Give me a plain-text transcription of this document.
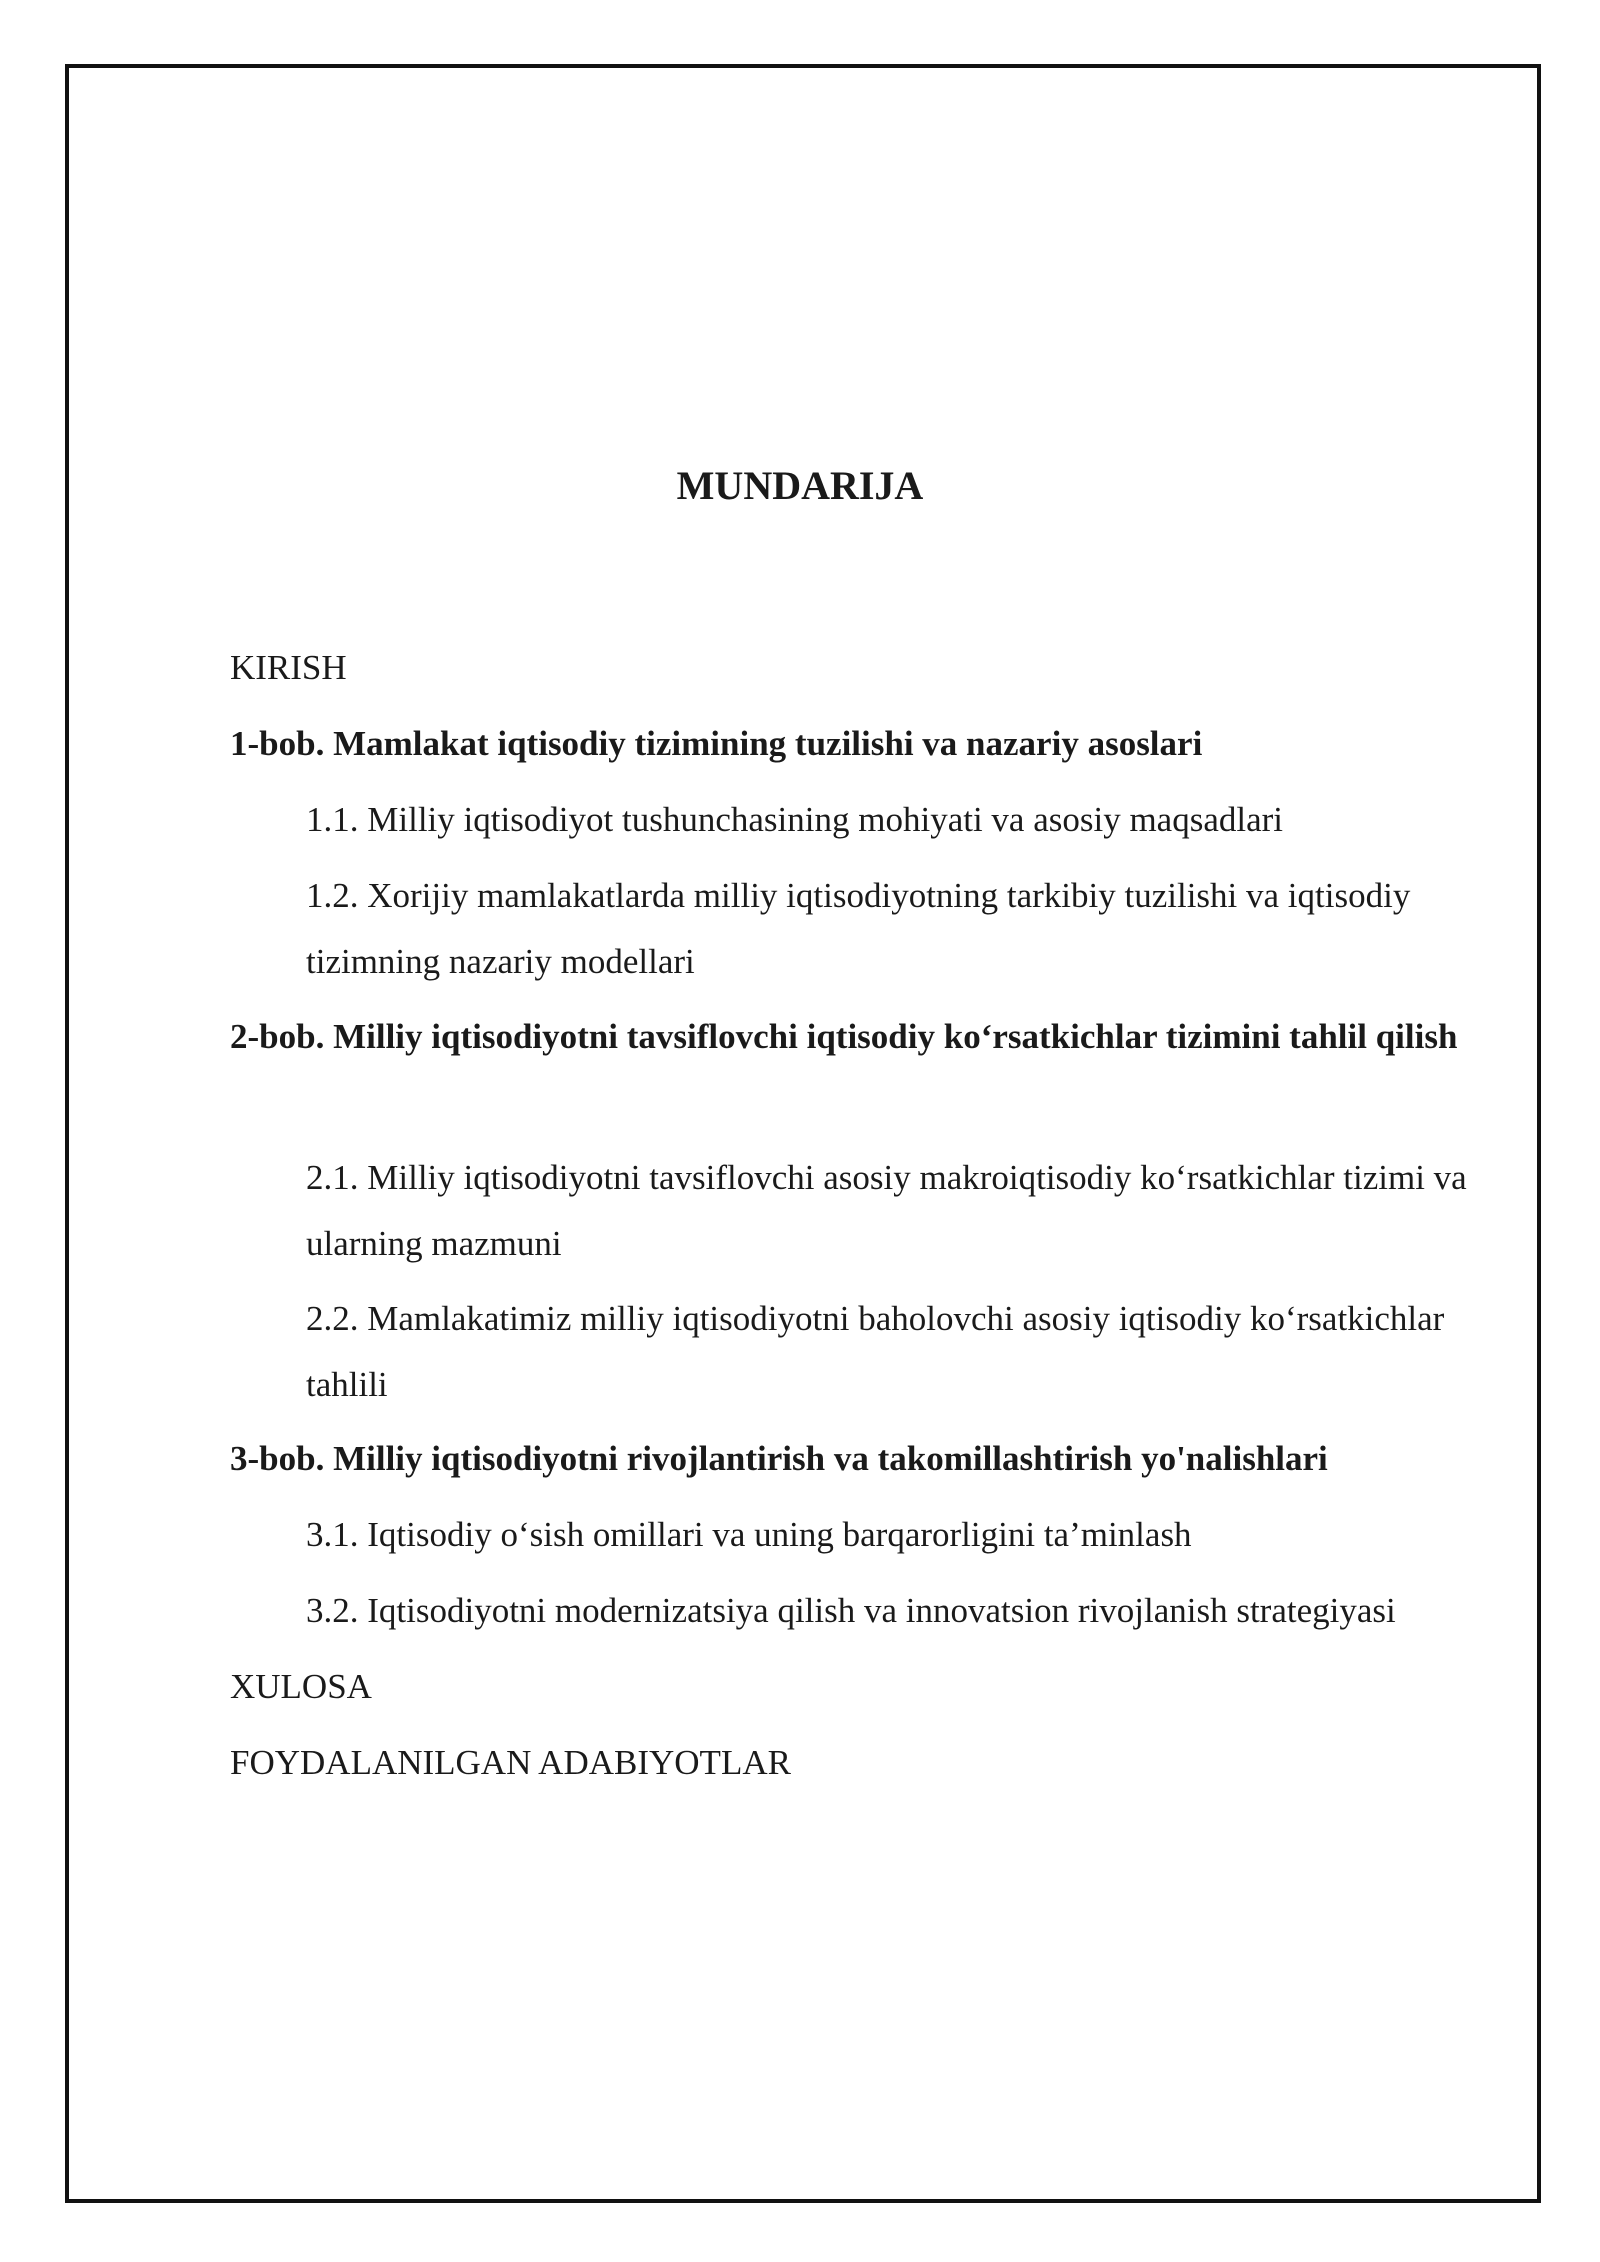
MUNDARIJA

KIRISH

1-bob. Mamlakat iqtisodiy tizimining tuzilishi va nazariy asoslari

1.1. Milliy iqtisodiyot tushunchasining mohiyati va asosiy maqsadlari

1.2. Xorijiy mamlakatlarda milliy iqtisodiyotning tarkibiy tuzilishi va iqtisodiy tizimning nazariy modellari

2-bob. Milliy iqtisodiyotni tavsiflovchi iqtisodiy ko‘rsatkichlar tizimini tahlil qilish

2.1. Milliy iqtisodiyotni tavsiflovchi asosiy makroiqtisodiy ko‘rsatkichlar tizimi va ularning mazmuni

2.2. Mamlakatimiz milliy iqtisodiyotni baholovchi asosiy iqtisodiy ko‘rsatkichlar tahlili

3-bob. Milliy iqtisodiyotni rivojlantirish va takomillashtirish yo'nalishlari

3.1. Iqtisodiy o‘sish omillari va uning barqarorligini ta’minlash

3.2. Iqtisodiyotni modernizatsiya qilish va innovatsion rivojlanish strategiyasi

XULOSA

FOYDALANILGAN ADABIYOTLAR
